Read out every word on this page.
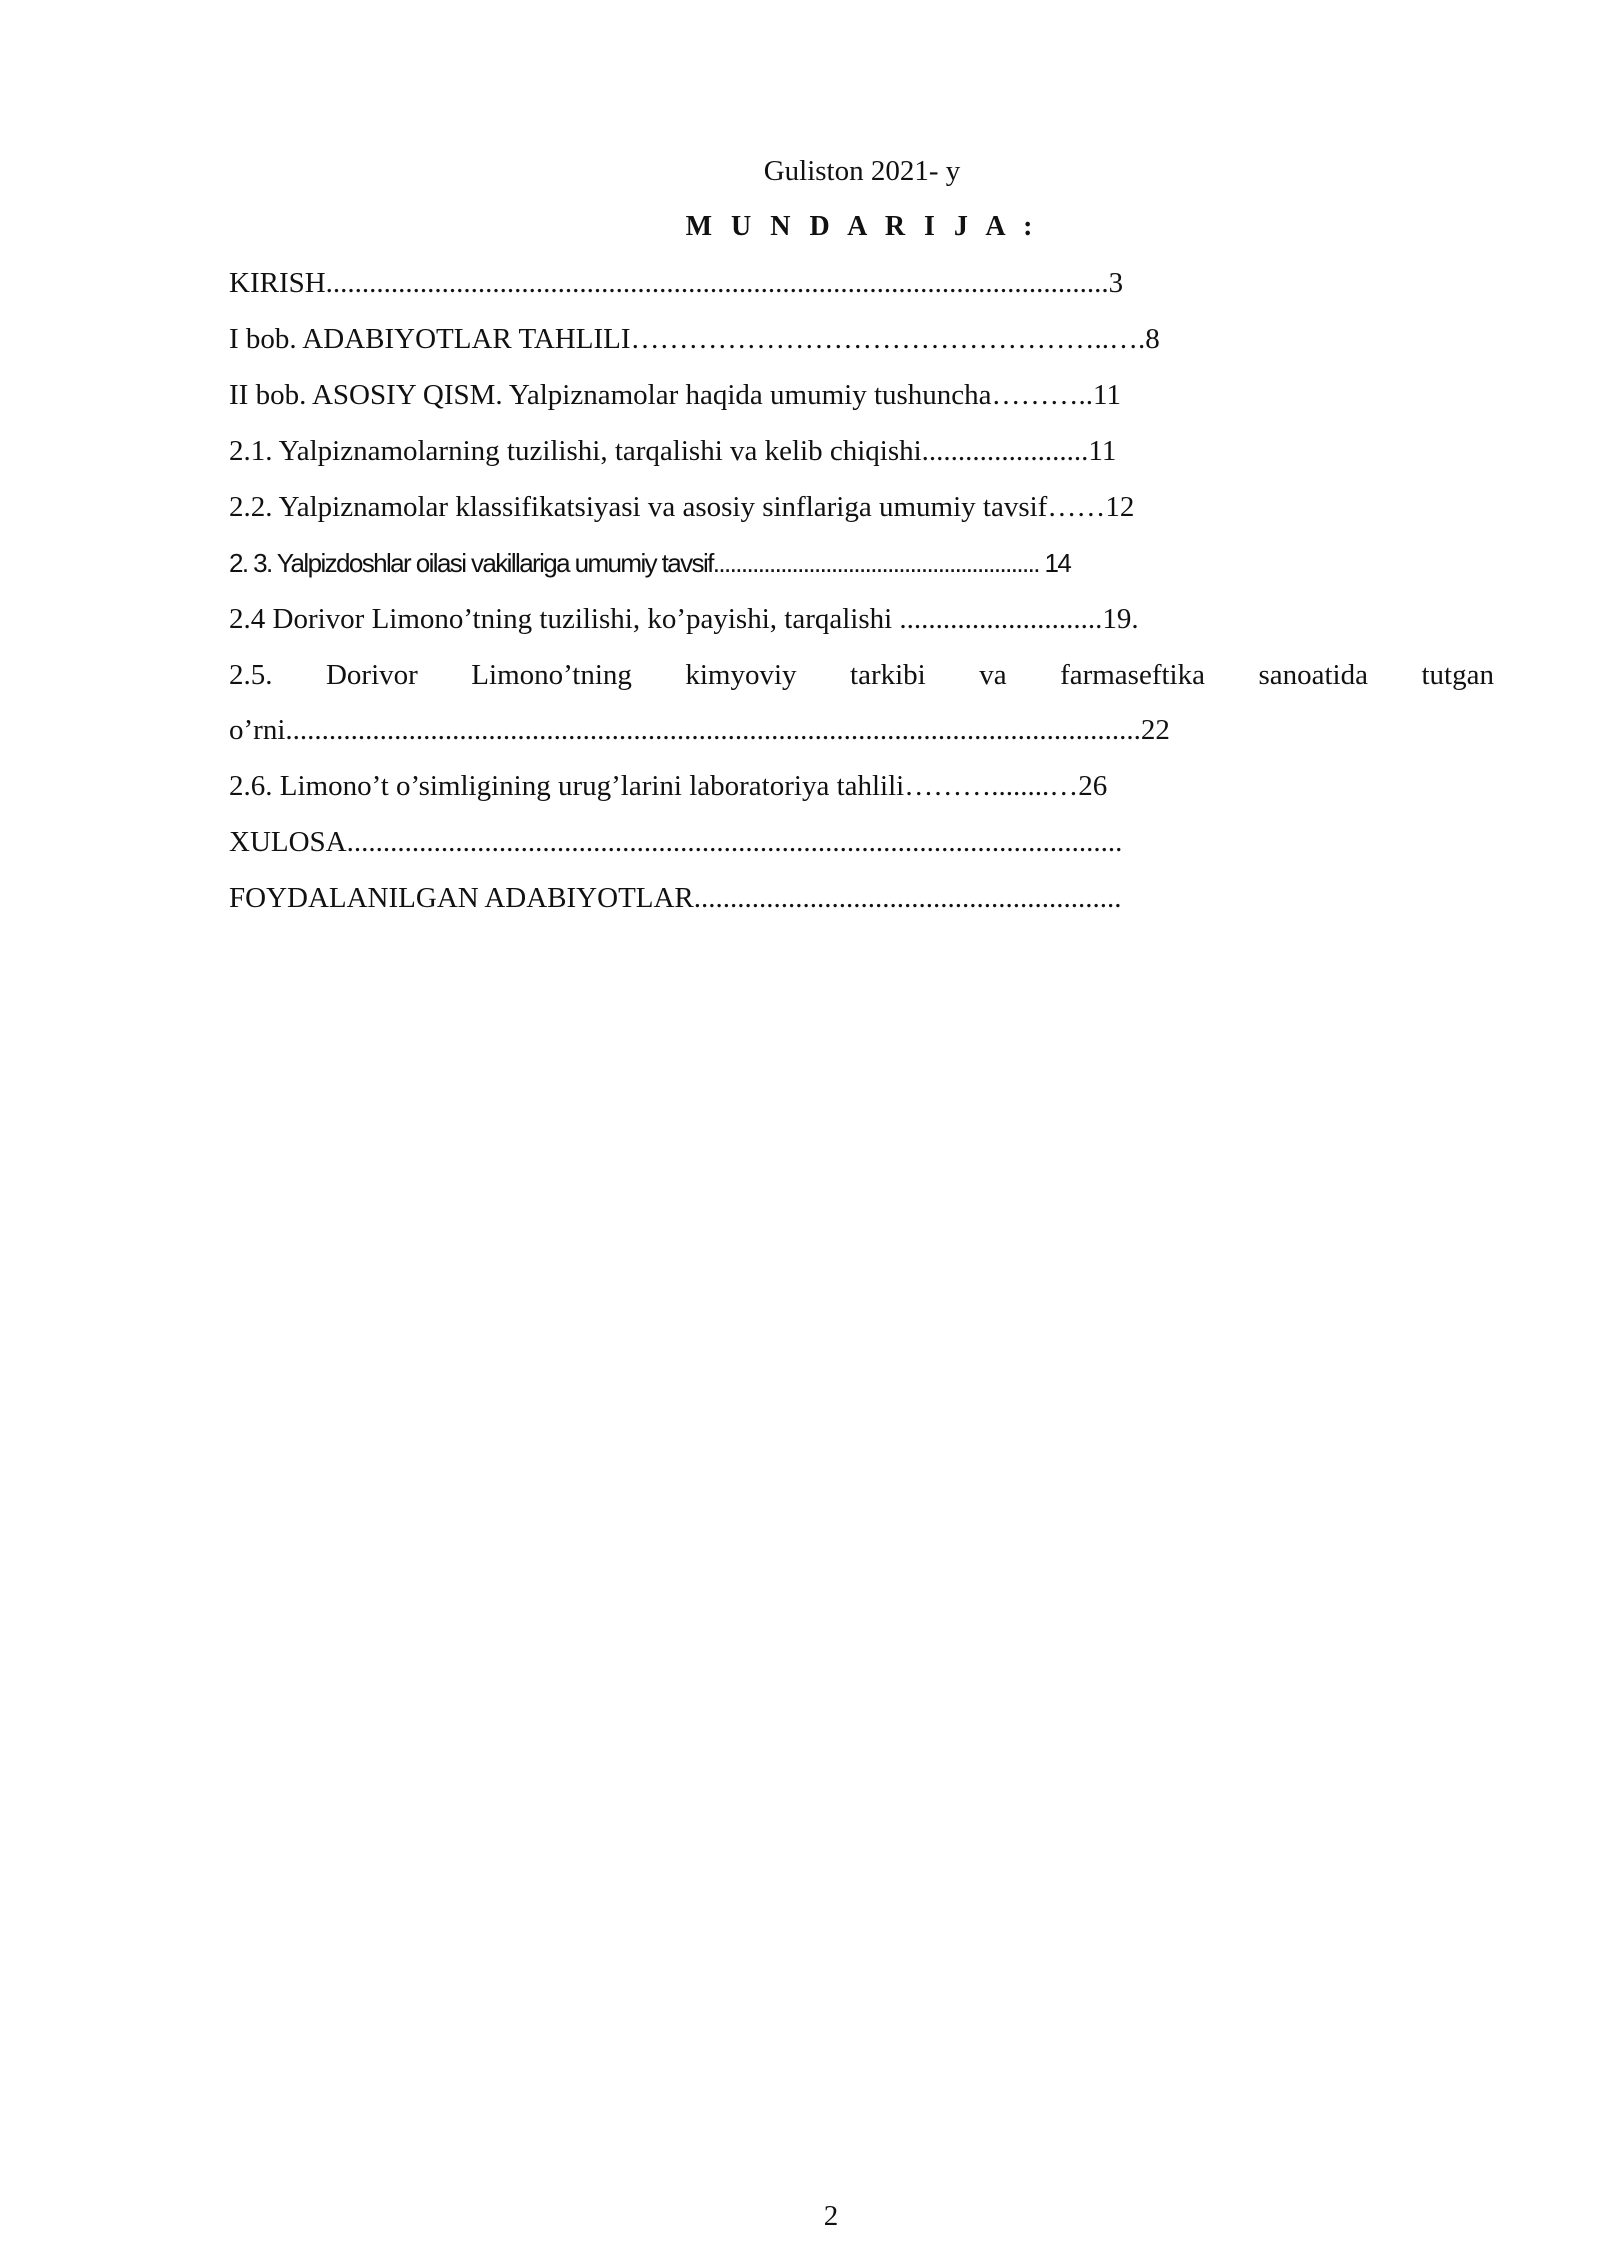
Guliston 2021- y
M U N D A R I J A :
KIRISH............................................................................................................3
I bob. ADABIYOTLAR TAHLILI…………………………………………..….8
II bob. ASOSIY QISM. Yalpiznamolar haqida umumiy tushuncha………..11
2.1. Yalpiznamolarning tuzilishi, tarqalishi va kelib chiqishi.......................11
2.2. Yalpiznamolar klassifikatsiyasi va asosiy sinflariga umumiy tavsif……12
2. 3. Yalpizdoshlar oilasi vakillariga umumiy tavsif.......................................................... 14
2.4 Dorivor Limono’tning tuzilishi, ko’payishi, tarqalishi ............................19.
2.5. Dorivor Limono’tning kimyoviy tarkibi va farmaseftika sanoatida tutgan
o’rni......................................................................................................................22
2.6. Limono’t o’simligining urug’larini laboratoriya tahlili………........…26
XULOSA...........................................................................................................
FOYDALANILGAN ADABIYOTLAR...........................................................
2
